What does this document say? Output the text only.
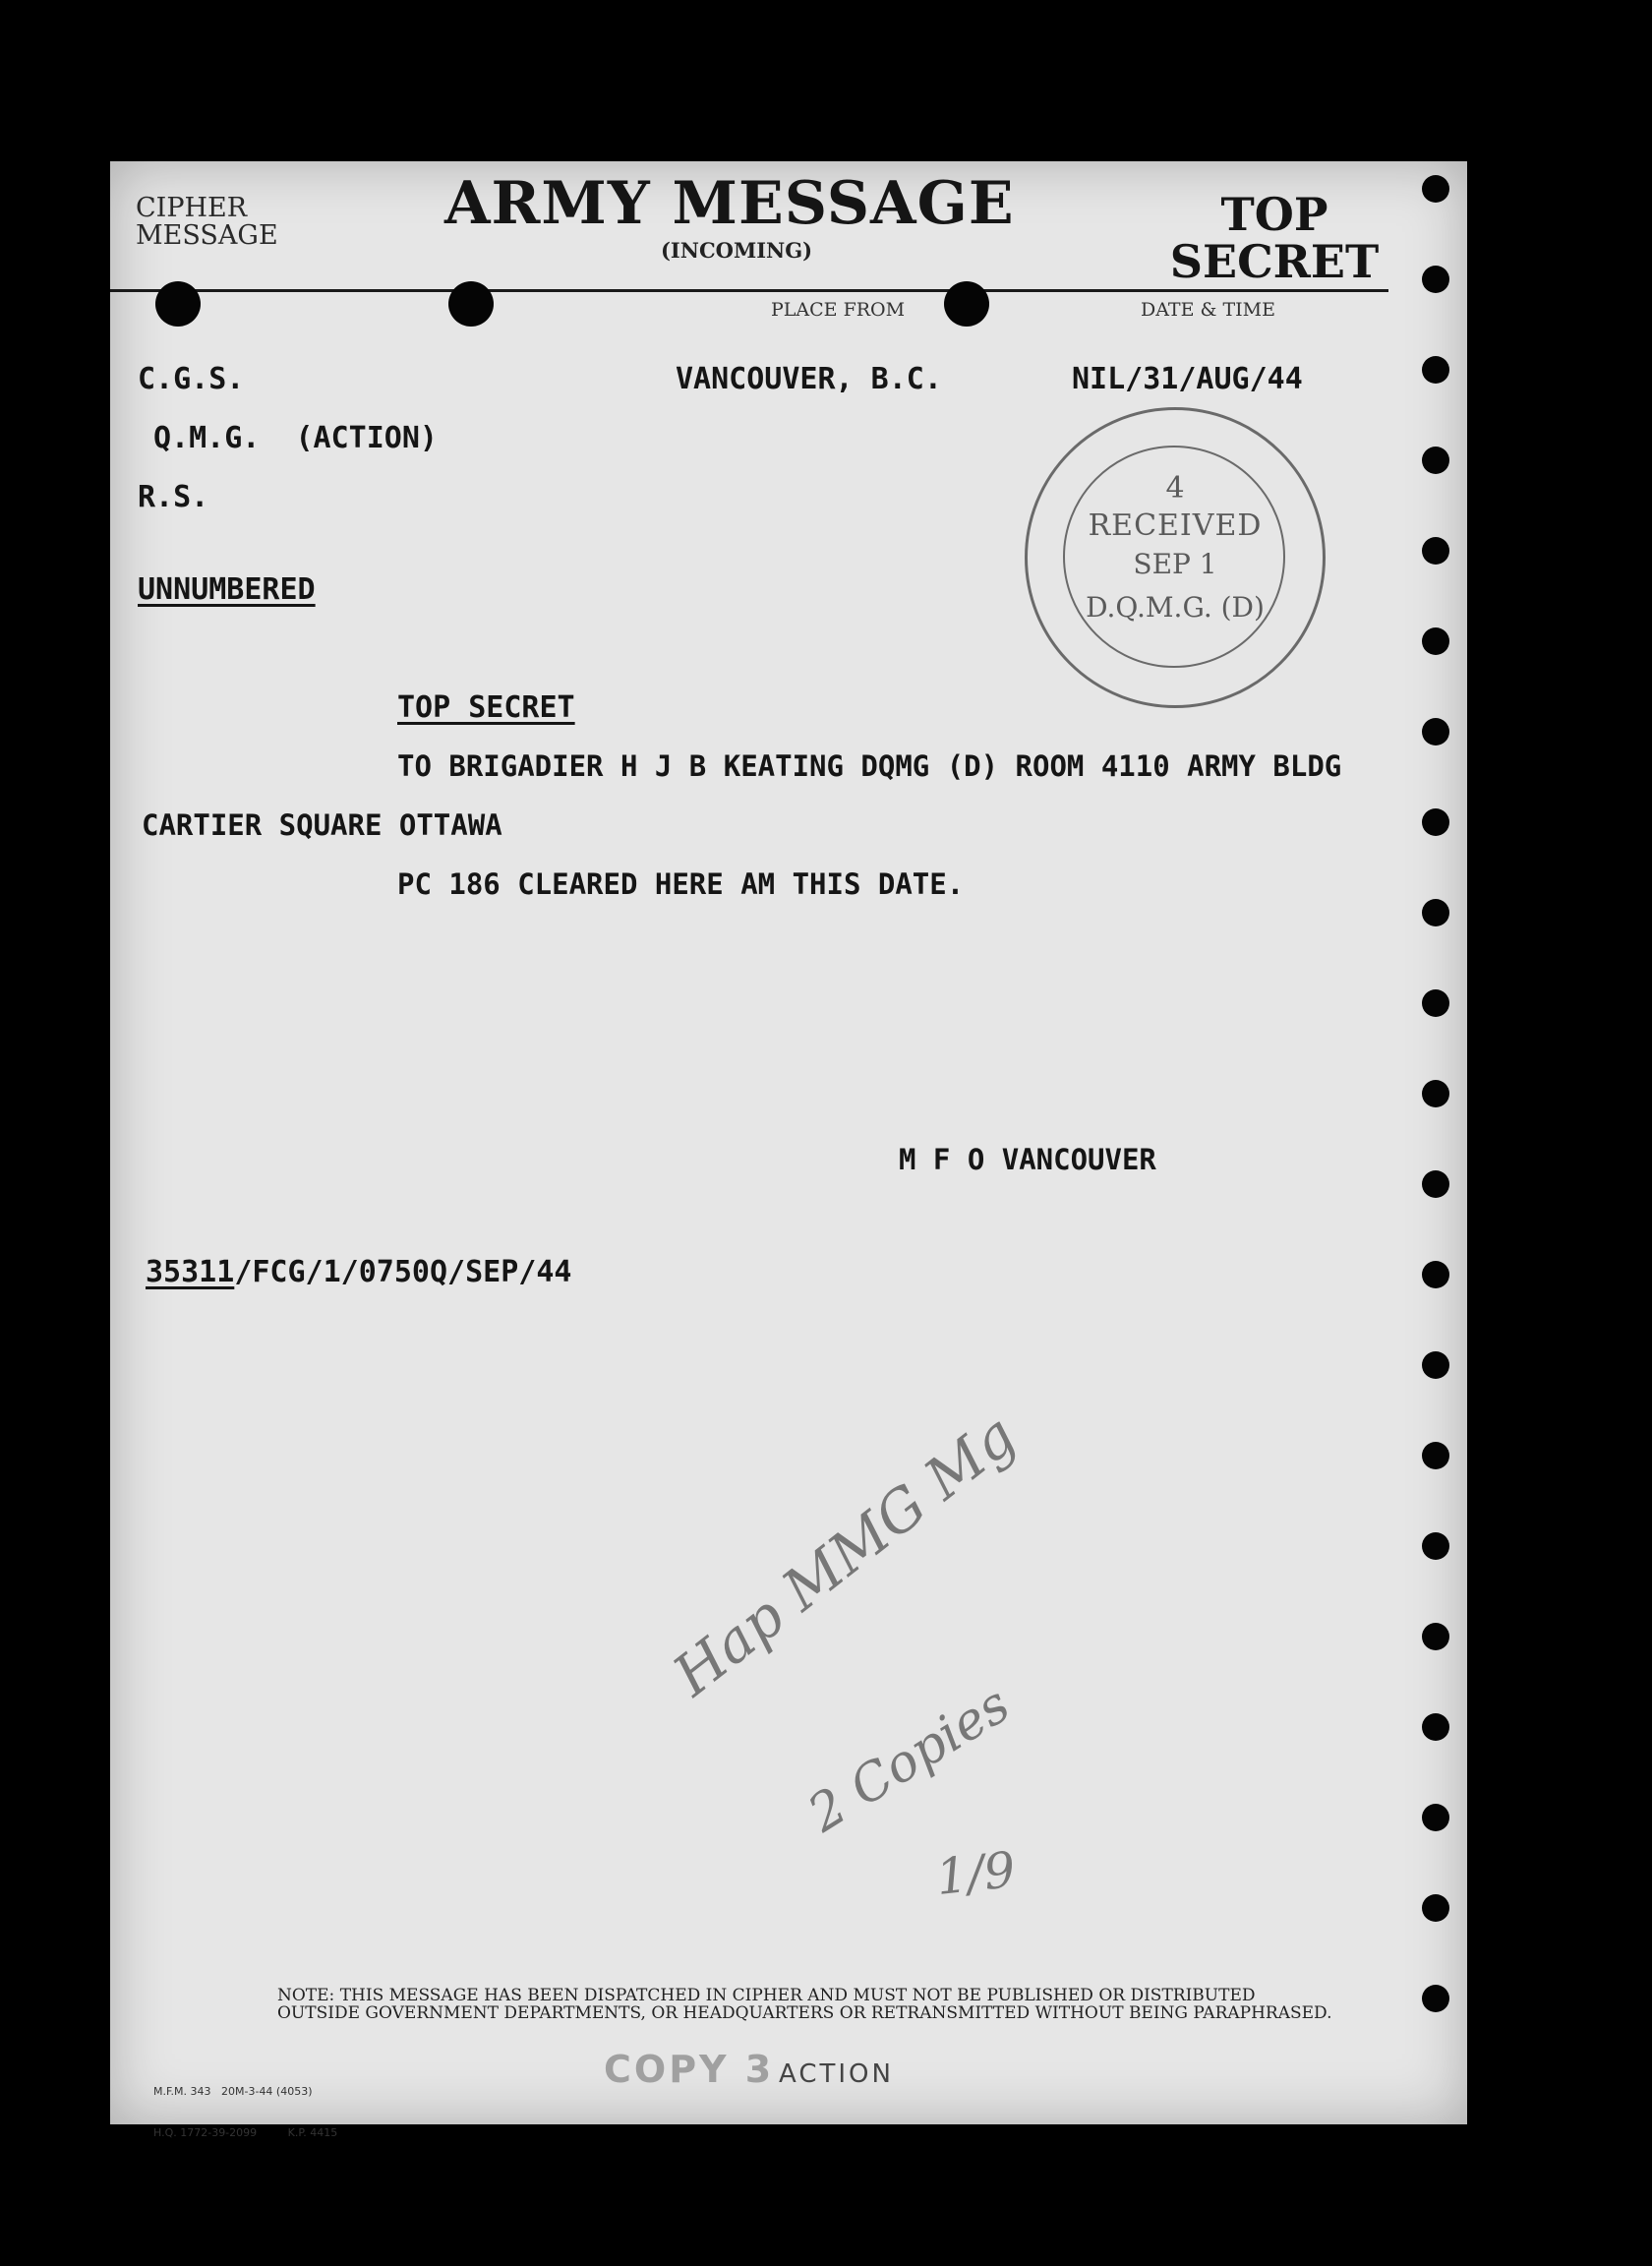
CIPHER
MESSAGE	ARMY MESSAGE
(INCOMING)
TOP
SECRET
PLACE FROM	DATE & TIME
C.G.S.
Q.M.G.  (ACTION)
R.S.
VANCOUVER, B.C.	NIL/31/AUG/44
UNNUMBERED
4
RECEIVED
SEP 1
D.Q.M.G. (D)
TOP SECRET
TO BRIGADIER H J B KEATING DQMG (D) ROOM 4110 ARMY BLDG
CARTIER SQUARE OTTAWA
PC 186 CLEARED HERE AM THIS DATE.
M F O VANCOUVER
35311/FCG/1/0750Q/SEP/44
Hap MMG Mg
2 Copies
1/9
NOTE: THIS MESSAGE HAS BEEN DISPATCHED IN CIPHER AND MUST NOT BE PUBLISHED OR DISTRIBUTED
OUTSIDE GOVERNMENT DEPARTMENTS, OR HEADQUARTERS OR RETRANSMITTED WITHOUT BEING PARAPHRASED.

M.F.M. 343   20M-3-44 (4053)

H.Q. 1772-39-2099         K.P. 4415

COPY 3 ACTION
